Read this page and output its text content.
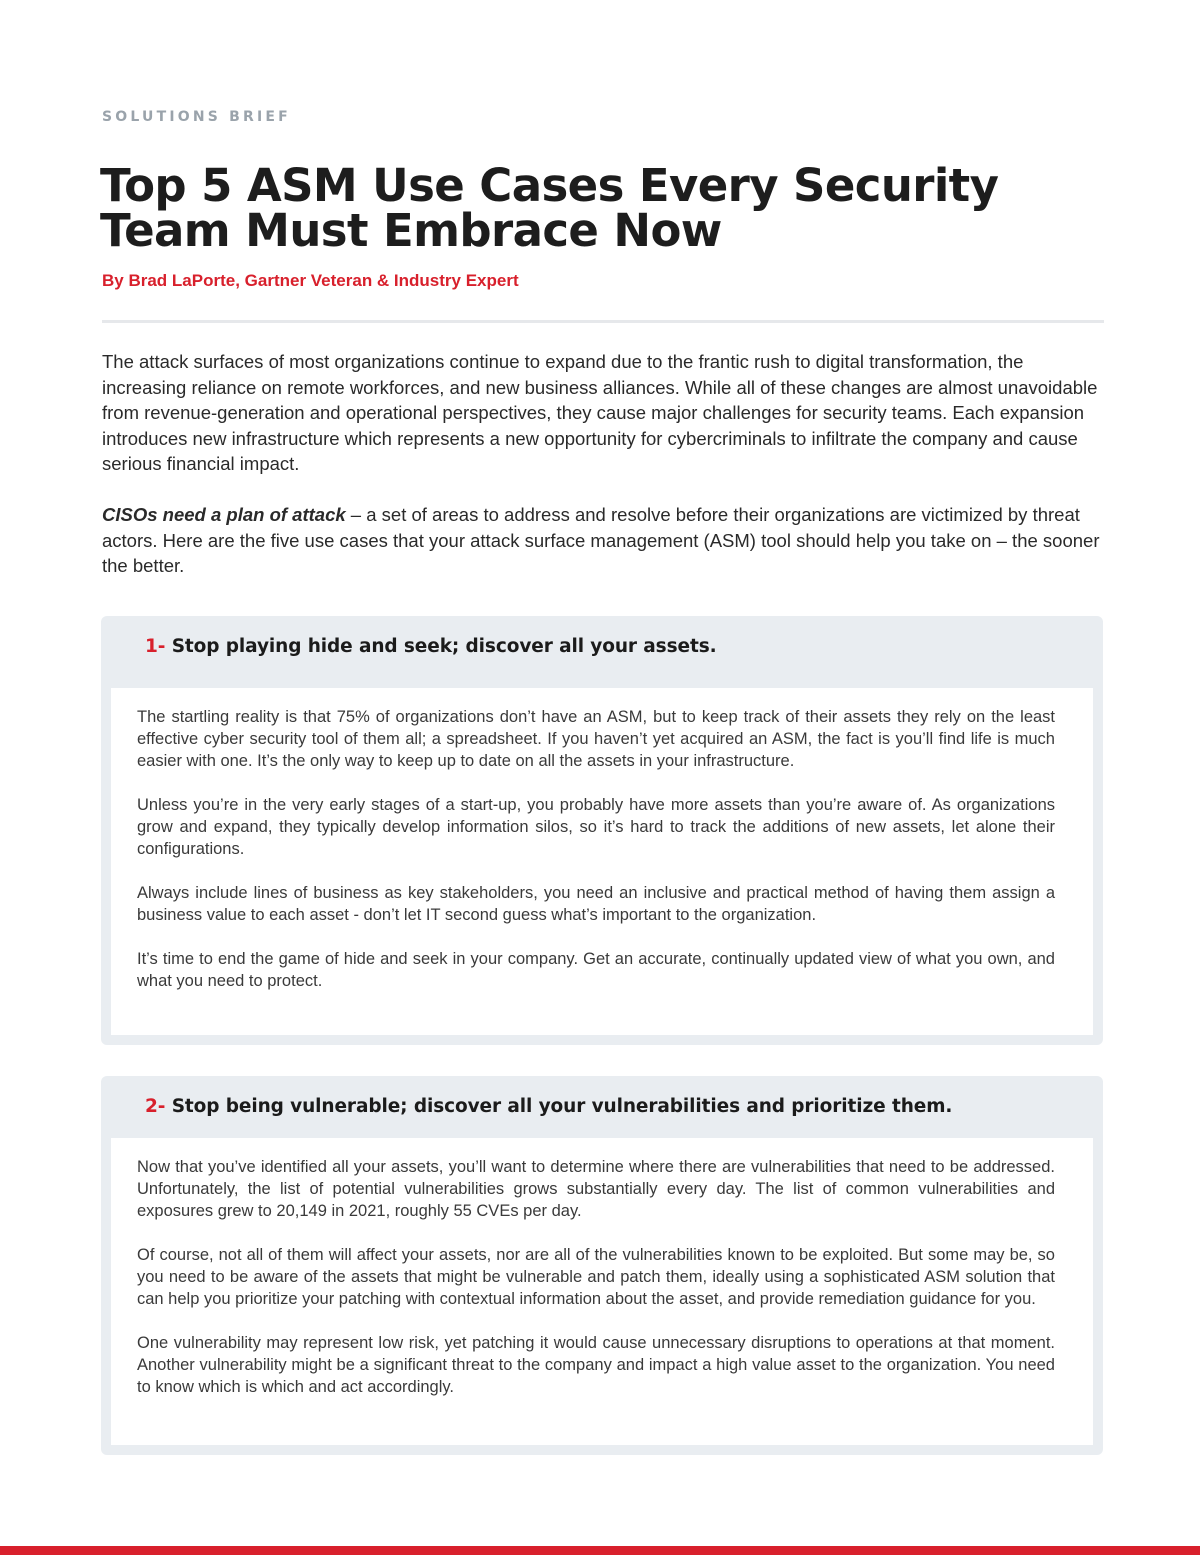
SOLUTIONS BRIEF
Top 5 ASM Use Cases Every Security Team Must Embrace Now
By Brad LaPorte, Gartner Veteran & Industry Expert

The attack surfaces of most organizations continue to expand due to the frantic rush to digital transformation, the increasing reliance on remote workforces, and new business alliances. While all of these changes are almost unavoidable from revenue-generation and operational perspectives, they cause major challenges for security teams. Each expansion introduces new infrastructure which represents a new opportunity for cybercriminals to infiltrate the company and cause serious financial impact.

CISOs need a plan of attack – a set of areas to address and resolve before their organizations are victimized by threat actors. Here are the five use cases that your attack surface management (ASM) tool should help you take on – the sooner the better.

1- Stop playing hide and seek; discover all your assets.

The startling reality is that 75% of organizations don’t have an ASM, but to keep track of their assets they rely on the least effective cyber security tool of them all; a spreadsheet. If you haven’t yet acquired an ASM, the fact is you’ll find life is much easier with one. It’s the only way to keep up to date on all the assets in your infrastructure.

Unless you’re in the very early stages of a start-up, you probably have more assets than you’re aware of. As organizations grow and expand, they typically develop information silos, so it’s hard to track the additions of new assets, let alone their configurations.

Always include lines of business as key stakeholders, you need an inclusive and practical method of having them assign a business value to each asset - don’t let IT second guess what’s important to the organization.

It’s time to end the game of hide and seek in your company. Get an accurate, continually updated view of what you own, and what you need to protect.

2- Stop being vulnerable; discover all your vulnerabilities and prioritize them.

Now that you’ve identified all your assets, you’ll want to determine where there are vulnerabilities that need to be addressed. Unfortunately, the list of potential vulnerabilities grows substantially every day. The list of common vulnerabilities and exposures grew to 20,149 in 2021, roughly 55 CVEs per day.

Of course, not all of them will affect your assets, nor are all of the vulnerabilities known to be exploited. But some may be, so you need to be aware of the assets that might be vulnerable and patch them, ideally using a sophisticated ASM solution that can help you prioritize your patching with contextual information about the asset, and provide remediation guidance for you.

One vulnerability may represent low risk, yet patching it would cause unnecessary disruptions to operations at that moment. Another vulnerability might be a significant threat to the company and impact a high value asset to the organization. You need to know which is which and act accordingly.
